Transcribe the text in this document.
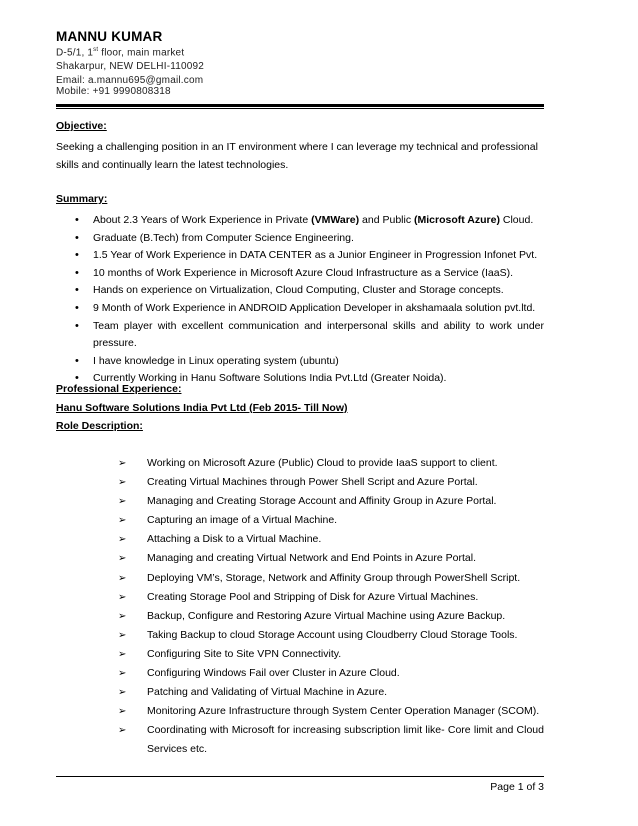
MANNU KUMAR
D-5/1, 1st floor, main market
Shakarpur, NEW DELHI-110092
Email: a.mannu695@gmail.com
Mobile: +91 9990808318
Objective:
Seeking a challenging position in an IT environment where I can leverage my technical and professional
skills and continually learn the latest technologies.
Summary:
• About 2.3 Years of Work Experience in Private (VMWare) and Public (Microsoft Azure) Cloud.
• Graduate (B.Tech) from Computer Science Engineering.
• 1.5 Year of Work Experience in DATA CENTER as a Junior Engineer in Progression Infonet Pvt.
• 10 months of Work Experience in Microsoft Azure Cloud Infrastructure as a Service (IaaS).
• Hands on experience on Virtualization, Cloud Computing, Cluster and Storage concepts.
• 9 Month of Work Experience in ANDROID Application Developer in akshamaala solution pvt.ltd.
• Team player with excellent communication and interpersonal skills and ability to work under pressure.
• I have knowledge in Linux operating system (ubuntu)
• Currently Working in Hanu Software Solutions India Pvt.Ltd (Greater Noida).
Professional Experience:
Hanu Software Solutions India Pvt Ltd (Feb 2015- Till Now)
Role Description:
➢ Working on Microsoft Azure (Public) Cloud to provide IaaS support to client.
➢ Creating Virtual Machines through Power Shell Script and Azure Portal.
➢ Managing and Creating Storage Account and Affinity Group in Azure Portal.
➢ Capturing an image of a Virtual Machine.
➢ Attaching a Disk to a Virtual Machine.
➢ Managing and creating Virtual Network and End Points in Azure Portal.
➢ Deploying VM’s, Storage, Network and Affinity Group through PowerShell Script.
➢ Creating Storage Pool and Stripping of Disk for Azure Virtual Machines.
➢ Backup, Configure and Restoring Azure Virtual Machine using Azure Backup.
➢ Taking Backup to cloud Storage Account using Cloudberry Cloud Storage Tools.
➢ Configuring Site to Site VPN Connectivity.
➢ Configuring Windows Fail over Cluster in Azure Cloud.
➢ Patching and Validating of Virtual Machine in Azure.
➢ Monitoring Azure Infrastructure through System Center Operation Manager (SCOM).
➢ Coordinating with Microsoft for increasing subscription limit like- Core limit and Cloud Services etc.
Page 1 of 3
